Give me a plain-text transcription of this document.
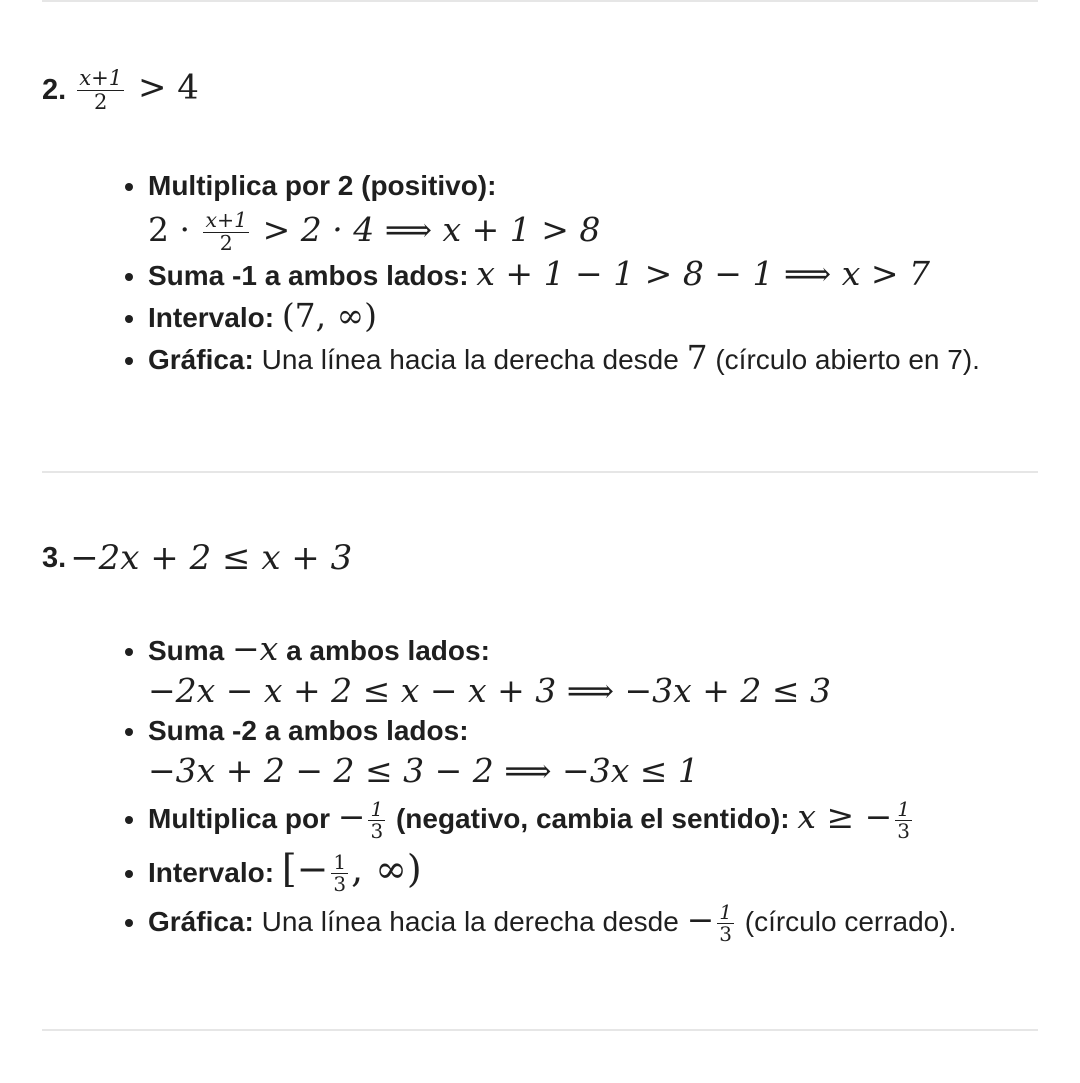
2. $\frac{x+1}{2} > 4$
• Multiplica por 2 (positivo):
$2 \cdot \frac{x+1}{2} > 2 \cdot 4$ ⟹ x + 1 > 8
• Suma -1 a ambos lados: x + 1 − 1 > 8 − 1 ⟹ x > 7
• Intervalo: (7, ∞)
• Gráfica: Una línea hacia la derecha desde 7 (círculo abierto en 7).
3. −2x + 2 ≤ x + 3
• Suma −x a ambos lados:
−2x − x + 2 ≤ x − x + 3 ⟹ −3x + 2 ≤ 3
• Suma -2 a ambos lados:
−3x + 2 − 2 ≤ 3 − 2 ⟹ −3x ≤ 1
• Multiplica por − $\frac{1}{3}$ (negativo, cambia el sentido): x ≥ − $\frac{1}{3}$
• Intervalo: [− $\frac{1}{3}$ , ∞)
• Gráfica: Una línea hacia la derecha desde − $\frac{1}{3}$ (círculo cerrado).
